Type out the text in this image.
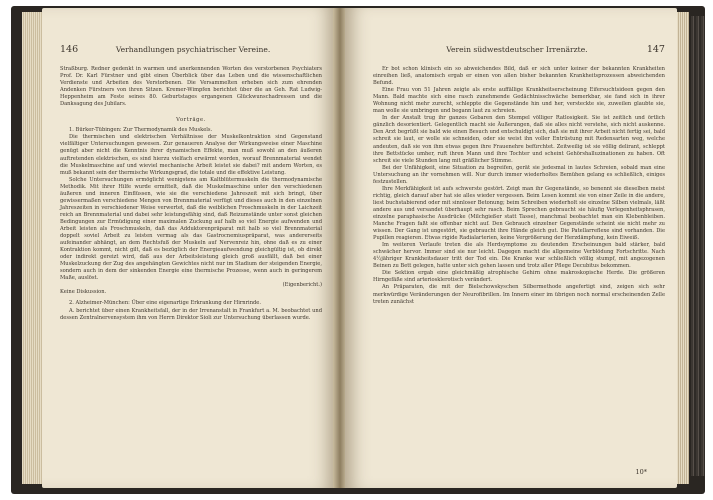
146	Verhandlungen psychiatrischer Vereine.

Straßburg. Redner gedenkt in warmen und anerkennenden Worten des verstorbenen Psychiaters Prof. Dr. Karl Fürstner und gibt einen Überblick über das Leben und die wissenschaftlichen Verdienste und Arbeiten des Verstorbenen. Die Versammelten erheben sich zum ehrenden Andenken Fürstners von ihren Sitzen. Kremer-Wimpfen berichtet über die an Geh. Rat Ludwig-Heppenheim am Feste seines 80. Geburtstages ergangenen Glückwunschadressen und die Danksagung des Jubilars.

Vorträge.

1. Bürker-Tübingen: Zur Thermodynamik des Muskels.

Die thermischen und elektrischen Verhältnisse der Muskelkontraktion sind Gegenstand vielfältiger Untersuchungen gewesen. Zur genaueren Analyse der Wirkungsweise einer Maschine genügt aber nicht die Kenntnis ihrer dynamischen Effekte, man muß sowohl an den äußeren auftretenden elektrischen, es sind hierzu vielfach erwärmt worden, worauf Brennmaterial wendet die Muskelmaschine auf und wieviel mechanische Arbeit leistet sie dabei? mit andern Worten, es muß bekannt sein der thermische Wirkungsgrad, die totale und die effektive Leistung.

Solche Untersuchungen ermöglicht wenigstens am Kaltblütermuskeln die thermodynamische Methodik. Mit ihrer Hilfe wurde ermittelt, daß die Muskelmaschine unter den verschiedenen äußeren und inneren Einflüssen, wie sie die verschiedene Jahreszeit mit sich bringt, über gewissermaßen verschiedene Mengen von Brennmaterial verfügt und dieses auch in den einzelnen Jahreszeiten in verschiedener Weise verwertet, daß die weiblichen Froschmuskeln in der Laichzeit reich an Brennmaterial und dabei sehr leistungsfähig sind, daß Reizumstände unter sonst gleichen Bedingungen zur Ermüdigung einer maximalen Zuckung auf halb so viel Energie aufwenden und Arbeit leisten als Froschmuskeln, daß das Adduktorenpräparat mit halb so viel Brennmaterial doppelt soviel Arbeit zu leisten vermag als das Gastrocnemiuspräparat, was andererseits aufeinander abhängt, an dem Rechtsfuß der Muskeln auf Nervenreiz hin, ohne daß es zu einer Kontraktion kommt, nicht gilt, daß es bezüglich der Energieaufwendung gleichgültig ist, ob direkt oder indirekt gereizt wird, daß aus der Arbeitsleistung gleich groß ausfällt, daß bei einer Muskelzuckung der Zug des angehängten Gewichtes nicht nur im Stadium der steigenden Energie, sondern auch in dem der sinkenden Energie eine thermische Prozesse, wenn auch in geringerem Maße, auslöst.

(Eigenbericht.)

Keine Diskussion.

2. Alzheimer-München: Über eine eigenartige Erkrankung der Hirnrinde.

A. berichtet über einen Krankheitsfall, der in der Irrenanstalt in Frankfurt a. M. beobachtet und dessen Zentralnervensystem ihm von Herrn Direktor Sioli zur Untersuchung überlassen wurde.

Verein südwestdeutscher Irrenärzte.	147

Er bot schon klinisch ein so abweichendes Bild, daß er sich unter keiner der bekannten Krankheiten einreihen ließ, anatomisch ergab er einen von allen bisher bekannten Krankheitsprozessen abweichenden Befund.

Eine Frau von 51 Jahren zeigte als erste auffällige Krankheitserscheinung Eifersuchtsideen gegen den Mann. Bald machte sich eine rasch zunehmende Gedächtnisschwäche bemerkbar, sie fand sich in ihrer Wohnung nicht mehr zurecht, schleppte die Gegenstände hin und her, versteckte sie, zuweilen glaubte sie, man wolle sie umbringen und begann laut zu schreien.

In der Anstalt trug ihr ganzes Gebaren den Stempel völliger Ratlosigkeit. Sie ist zeitlich und örtlich gänzlich desorientiert. Gelegentlich macht sie Äußerungen, daß sie alles nicht verstehe, sich nicht auskenne. Den Arzt begrüßt sie bald wie einen Besuch und entschuldigt sich, daß sie mit ihrer Arbeit nicht fertig sei, bald schreit sie laut, er wolle sie schneiden, oder sie weist ihn voller Entrüstung mit Redensarten weg, welche andeuten, daß sie von ihm etwas gegen ihre Frauenehre befürchtet. Zeitweilig ist sie völlig delirant, schleppt ihre Bettstücke umher, ruft ihren Mann und ihre Tochter und scheint Gehörshalluzinationen zu haben. Oft schreit sie viele Stunden lang mit gräßlicher Stimme.

Bei der Unfähigkeit, eine Situation zu begreifen, gerät sie jedesmal in lautes Schreien, sobald man eine Untersuchung an ihr vornehmen will. Nur durch immer wiederholtes Bemühen gelang es schließlich, einiges festzustellen.

Ihre Merkfähigkeit ist aufs schwerste gestört. Zeigt man ihr Gegenstände, so benennt sie dieselben meist richtig, gleich darauf aber hat sie alles wieder vergessen. Beim Lesen kommt sie von einer Zeile in die andere, liest buchstabierend oder mit sinnloser Betonung; beim Schreiben wiederholt sie einzelne Silben vielmals, läßt andere aus und versandet überhaupt sehr rasch. Beim Sprechen gebraucht sie häufig Verlegenheitsphrasen, einzelne paraphasische Ausdrücke (Milchgießer statt Tasse), manchmal beobachtet man ein Klebenbleiben. Manche Fragen faßt sie offenbar nicht auf. Den Gebrauch einzelner Gegenstände scheint sie nicht mehr zu wissen. Der Gang ist ungestört, sie gebraucht ihre Hände gleich gut. Die Patellarreflexe sind vorhanden. Die Pupillen reagieren. Etwas rigide Radialarterien, keine Vergrößerung der Herzdämpfung, kein Eiweiß.

Im weiteren Verlaufe treten die als Herdsymptome zu deutenden Erscheinungen bald stärker, bald schwächer hervor. Immer sind sie nur leicht. Dagegen macht die allgemeine Verblödung Fortschritte. Nach 4½jähriger Krankheitsdauer tritt der Tod ein. Die Kranke war schließlich völlig stumpf, mit angezogenen Beinen zu Bett gelegen, hatte unter sich gehen lassen und trotz aller Pflege Decubitus bekommen.

Die Sektion ergab eine gleichmäßig atrophische Gehirn ohne makroskopische Herde. Die größeren Hirngefäße sind arteriosklerotisch verändert.

An Präparaten, die mit der Bielschowskyschen Silbermethode angefertigt sind, zeigen sich sehr merkwürdige Veränderungen der Neurofibrillen. Im Innern einer im übrigen noch normal erscheinenden Zelle treten zunächst

10*
